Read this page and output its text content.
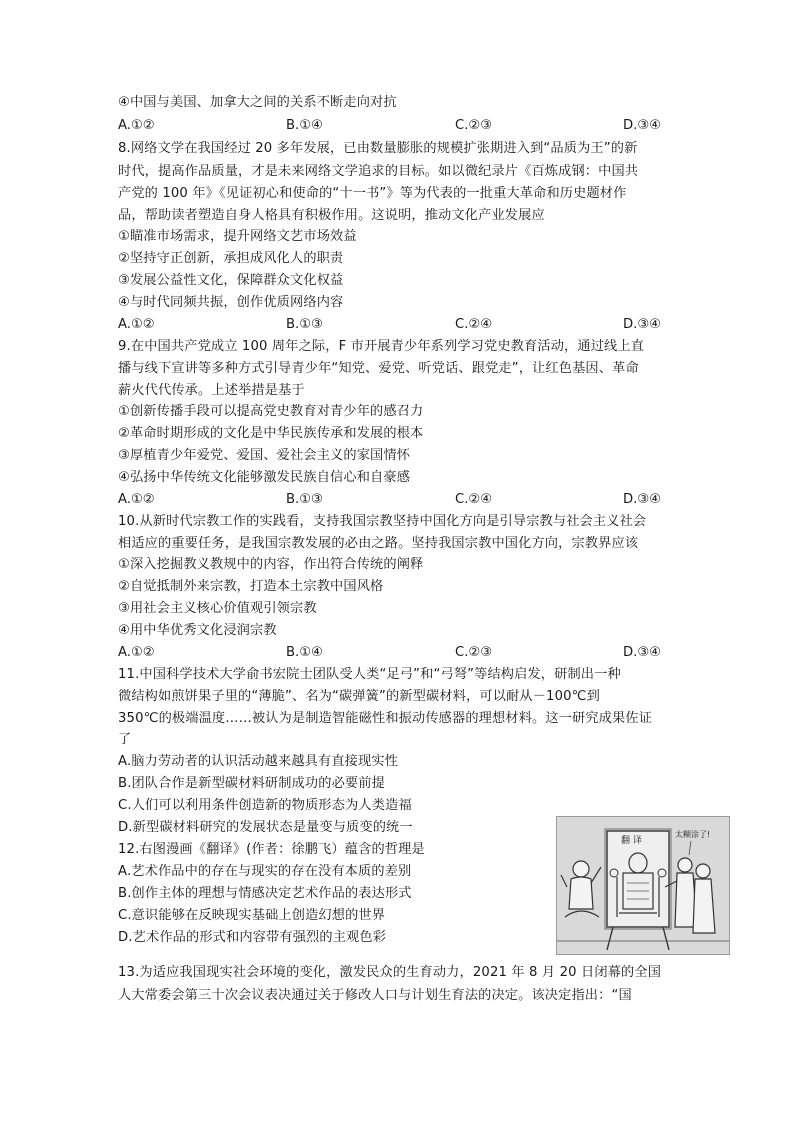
④中国与美国、加拿大之间的关系不断走向对抗
A.①②	B.①④	C.②③	D.③④
8.网络文学在我国经过 20 多年发展，已由数量膨胀的规模扩张期进入到“品质为王”的新
时代，提高作品质量，才是未来网络文学追求的目标。如以微纪录片《百炼成钢：中国共
产党的 100 年》《见证初心和使命的“十一书”》等为代表的一批重大革命和历史题材作
品，帮助读者塑造自身人格具有积极作用。这说明，推动文化产业发展应
①瞄准市场需求，提升网络文艺市场效益
②坚持守正创新，承担成风化人的职责
③发展公益性文化，保障群众文化权益
④与时代同频共振，创作优质网络内容
A.①②	B.①③	C.②④	D.③④
9.在中国共产党成立 100 周年之际，F 市开展青少年系列学习党史教育活动，通过线上直
播与线下宣讲等多种方式引导青少年“知党、爱党、听党话、跟党走”，让红色基因、革命
薪火代代传承。上述举措是基于
①创新传播手段可以提高党史教育对青少年的感召力
②革命时期形成的文化是中华民族传承和发展的根本
③厚植青少年爱党、爱国、爱社会主义的家国情怀
④弘扬中华传统文化能够激发民族自信心和自豪感
A.①②	B.①③	C.②④	D.③④
10.从新时代宗教工作的实践看，支持我国宗教坚持中国化方向是引导宗教与社会主义社会
相适应的重要任务，是我国宗教发展的必由之路。坚持我国宗教中国化方向，宗教界应该
①深入挖掘教义教规中的内容，作出符合传统的阐释
②自觉抵制外来宗教，打造本土宗教中国风格
③用社会主义核心价值观引领宗教
④用中华优秀文化浸润宗教
A.①②	B.①④	C.②③	D.③④
11.中国科学技术大学俞书宏院士团队受人类“足弓”和“弓弩”等结构启发，研制出一种
微结构如煎饼果子里的“薄脆”、名为“碳弹簧”的新型碳材料，可以耐从－100℃到
350℃的极端温度……被认为是制造智能磁性和振动传感器的理想材料。这一研究成果佐证
了
A.脑力劳动者的认识活动越来越具有直接现实性
B.团队合作是新型碳材料研制成功的必要前提
C.人们可以利用条件创造新的物质形态为人类造福
D.新型碳材料研究的发展状态是量变与质变的统一
12.右图漫画《翻译》(作者：徐鹏飞）蕴含的哲理是
A.艺术作品中的存在与现实的存在没有本质的差别
B.创作主体的理想与情感决定艺术作品的表达形式
C.意识能够在反映现实基础上创造幻想的世界
D.艺术作品的形式和内容带有强烈的主观色彩
翻 译
太糊涂了!
13.为适应我国现实社会环境的变化，激发民众的生育动力，2021 年 8 月 20 日闭幕的全国
人大常委会第三十次会议表决通过关于修改人口与计划生育法的决定。该决定指出：“国
